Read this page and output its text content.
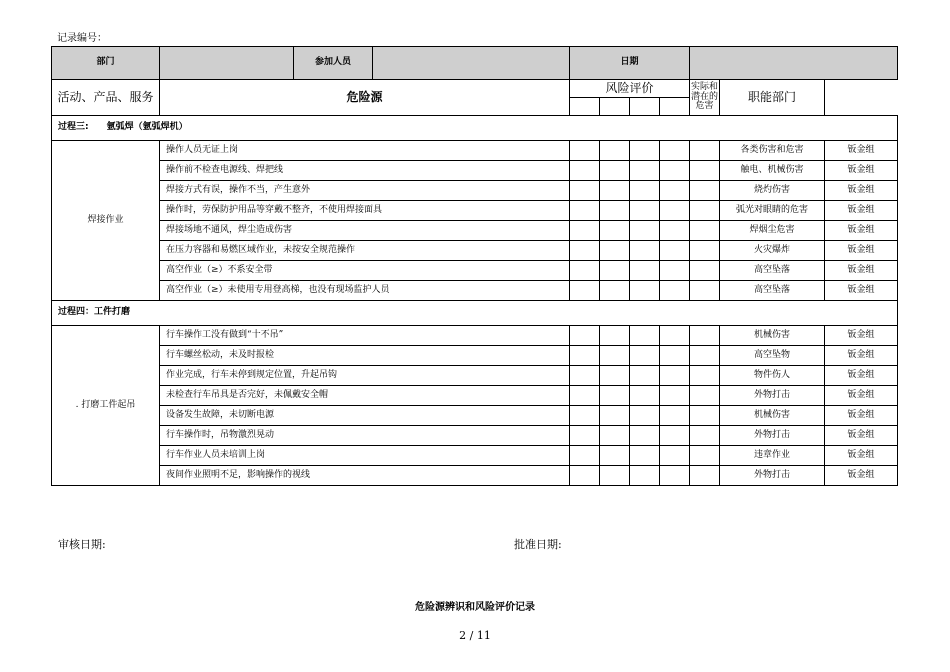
记录编号：
部门		参加人员		日期						
活动、产品、服务	危险源			风险评价				实际和潜在的危害	职能部门	

过程三:　　氩弧焊（氩弧焊机）										
焊接作业	操作人员无证上岗								各类伤害和危害	钣金组
	操作前不检查电源线、焊把线								触电、机械伤害	钣金组
	焊接方式有误，操作不当，产生意外								烧灼伤害	钣金组
	操作时，劳保防护用品等穿戴不整齐，不使用焊接面具								弧光对眼睛的危害	钣金组
	焊接场地不通风，焊尘造成伤害								焊烟尘危害	钣金组
	在压力容器和易燃区域作业，未按安全规范操作								火灾爆炸	钣金组
	高空作业（≥）不系安全带								高空坠落	钣金组
	高空作业（≥）未使用专用登高梯，也没有现场监护人员								高空坠落	钣金组
过程四：工件打磨										
. 打磨工件起吊	行车操作工没有做到“十不吊”								机械伤害	钣金组
	行车螺丝松动，未及时报检								高空坠物	钣金组
	作业完成，行车未停到规定位置，升起吊钩								物件伤人	钣金组
	未检查行车吊具是否完好，未佩戴安全帽								外物打击	钣金组
	设备发生故障，未切断电源								机械伤害	钣金组
	行车操作时，吊物激烈晃动								外物打击	钣金组
	行车作业人员未培训上岗								违章作业	钣金组
	夜间作业照明不足，影响操作的视线								外物打击	钣金组
审核日期:	批准日期:
危险源辨识和风险评价记录
2 / 11
